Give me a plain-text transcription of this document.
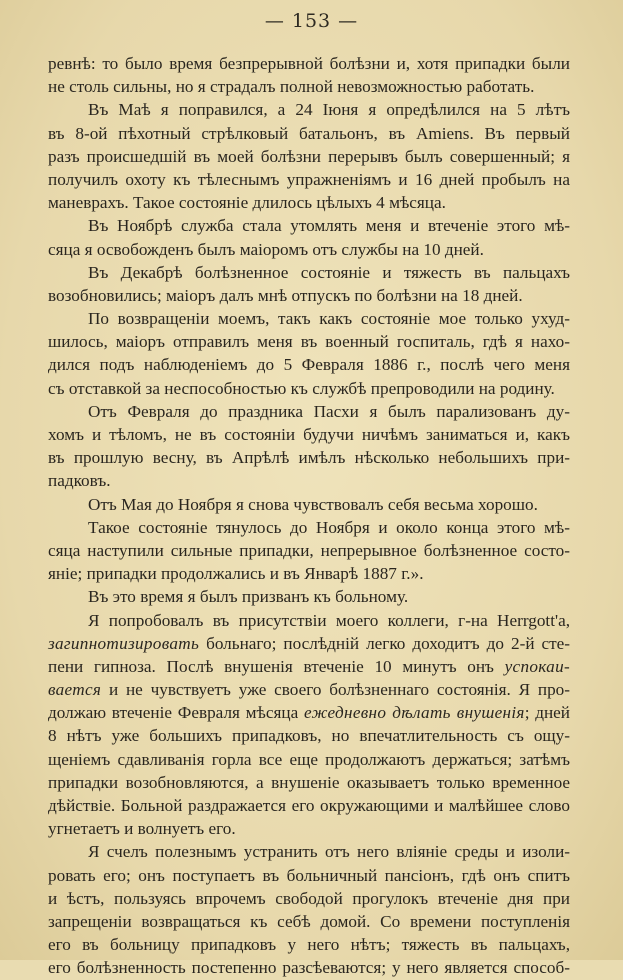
— 153 —
ревнѣ: то было время безпрерывной болѣзни и, хотя припадки были
не столь сильны, но я страдалъ полной невозможностью работать.
Въ Маѣ я поправился, а 24 Іюня я опредѣлился на 5 лѣтъ
въ 8-ой пѣхотный стрѣлковый батальонъ, въ Amiens. Въ первый
разъ происшедшій въ моей болѣзни перерывъ былъ совершенный; я
получилъ охоту къ тѣлеснымъ упражненіямъ и 16 дней пробылъ на
маневрахъ. Такое состояніе длилось цѣлыхъ 4 мѣсяца.
Въ Ноябрѣ служба стала утомлять меня и втеченіе этого мѣ-
сяца я освобожденъ былъ маіоромъ отъ службы на 10 дней.
Въ Декабрѣ болѣзненное состояніе и тяжесть въ пальцахъ
возобновились; маіоръ далъ мнѣ отпускъ по болѣзни на 18 дней.
По возвращеніи моемъ, такъ какъ состояніе мое только ухуд-
шилось, маіоръ отправилъ меня въ военный госпиталь, гдѣ я нахо-
дился подъ наблюденіемъ до 5 Февраля 1886 г., послѣ чего меня
съ отставкой за неспособностью къ службѣ препроводили на родину.
Отъ Февраля до праздника Пасхи я былъ парализованъ ду-
хомъ и тѣломъ, не въ состояніи будучи ничѣмъ заниматься и, какъ
въ прошлую весну, въ Апрѣлѣ имѣлъ нѣсколько небольшихъ при-
падковъ.
Отъ Мая до Ноября я снова чувствовалъ себя весьма хорошо.
Такое состояніе тянулось до Ноября и около конца этого мѣ-
сяца наступили сильные припадки, непрерывное болѣзненное состо-
яніе; припадки продолжались и въ Январѣ 1887 г.».
Въ это время я былъ призванъ къ больному.
Я попробовалъ въ присутствіи моего коллеги, г-на Herrgott'a,
загипнотизировать больнаго; послѣдній легко доходитъ до 2-й сте-
пени гипноза. Послѣ внушенія втеченіе 10 минутъ онъ успокаи-
вается и не чувствуетъ уже своего болѣзненнаго состоянія. Я про-
должаю втеченіе Февраля мѣсяца ежедневно дѣлать внушенія; дней
8 нѣтъ уже большихъ припадковъ, но впечатлительность съ ощу-
щеніемъ сдавливанія горла все еще продолжаютъ держаться; затѣмъ
припадки возобновляются, а внушеніе оказываетъ только временное
дѣйствіе. Больной раздражается его окружающими и малѣйшее слово
угнетаетъ и волнуетъ его.
Я счелъ полезнымъ устранить отъ него вліяніе среды и изоли-
ровать его; онъ поступаетъ въ больничный пансіонъ, гдѣ онъ спитъ
и ѣстъ, пользуясь впрочемъ свободой прогулокъ втеченіе дня при
запрещеніи возвращаться къ себѣ домой. Со времени поступленія
его въ больницу припадковъ у него нѣтъ; тяжесть въ пальцахъ,
его болѣзненность постепенно разсѣеваются; у него является способ-
